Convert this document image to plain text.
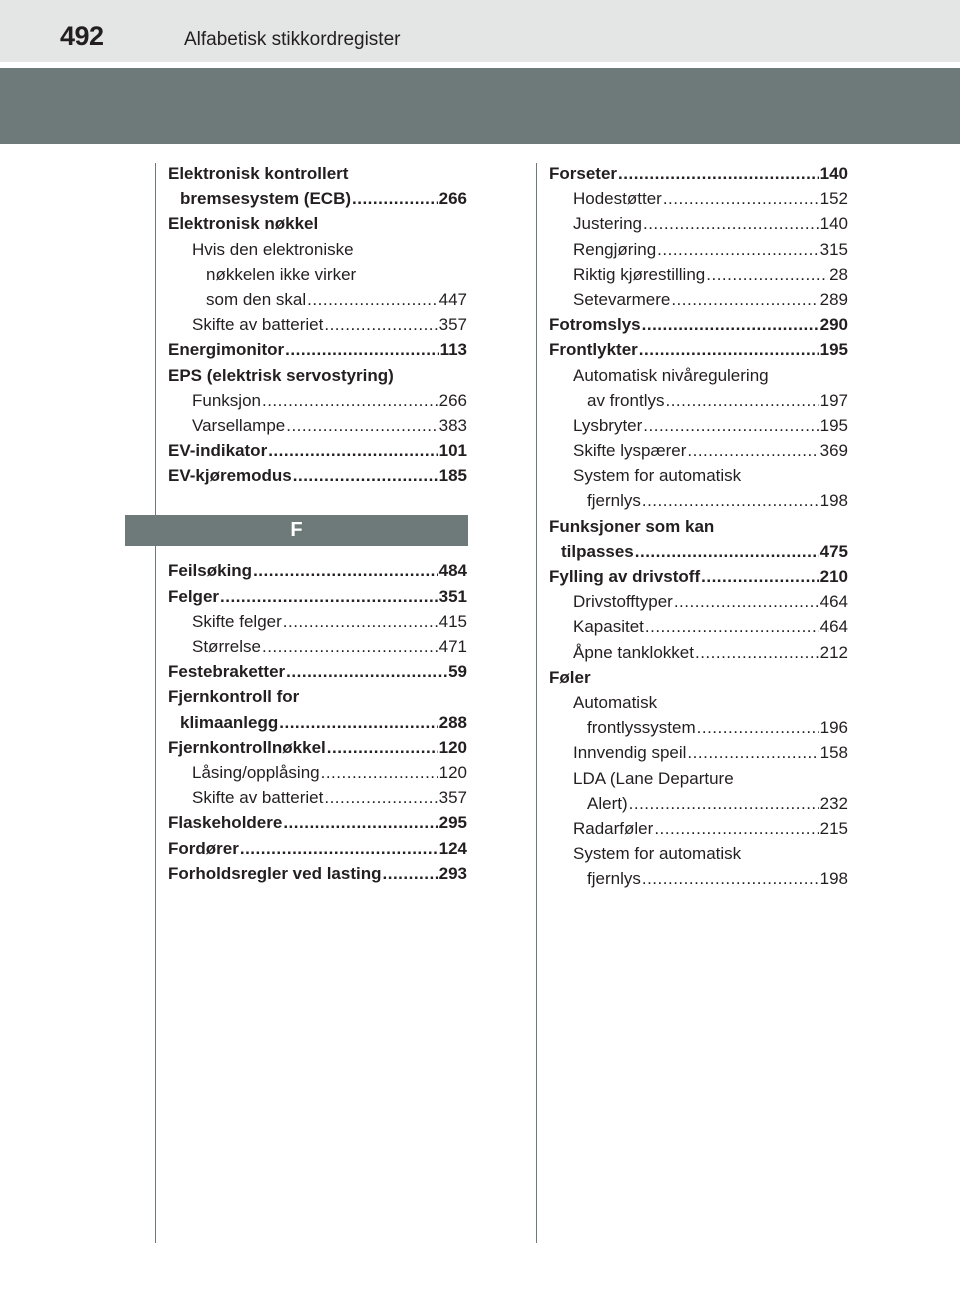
492	Alfabetisk stikkordregister
Elektronisk kontrollert
bremsesystem (ECB) .....	266
Elektronisk nøkkel
Hvis den elektroniske
nøkkelen ikke virker
som den skal .....	447
Skifte av batteriet .....	357
Energimonitor .....	113
EPS (elektrisk servostyring)
Funksjon .....	266
Varsellampe .....	383
EV-indikator .....	101
EV-kjøremodus .....	185
F
Feilsøking .....	484
Felger .....	351
Skifte felger .....	415
Størrelse .....	471
Festebraketter .....	59
Fjernkontroll for
klimaanlegg .....	288
Fjernkontrollnøkkel .....	120
Låsing/opplåsing .....	120
Skifte av batteriet .....	357
Flaskeholdere .....	295
Fordører .....	124
Forholdsregler ved lasting .....	293
Forseter .....	140
Hodestøtter .....	152
Justering .....	140
Rengjøring .....	315
Riktig kjørestilling .....	28
Setevarmere .....	289
Fotromslys .....	290
Frontlykter .....	195
Automatisk nivåregulering
av frontlys .....	197
Lysbryter .....	195
Skifte lyspærer .....	369
System for automatisk
fjernlys .....	198
Funksjoner som kan
tilpasses .....	475
Fylling av drivstoff .....	210
Drivstofftyper .....	464
Kapasitet .....	464
Åpne tanklokket .....	212
Føler
Automatisk
frontlyssystem .....	196
Innvendig speil .....	158
LDA (Lane Departure
Alert) .....	232
Radarføler .....	215
System for automatisk
fjernlys .....	198
